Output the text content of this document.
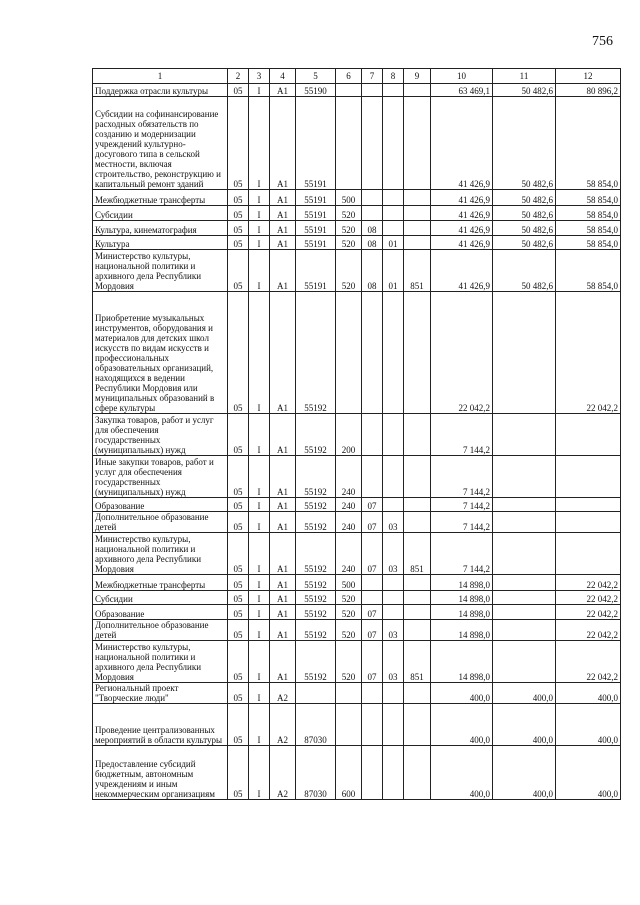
756
1	2	3	4	5	6	7	8	9	10	11	12
Поддержка отрасли культуры	05	I	A1	55190					63 469,1	50 482,6	80 896,2
Субсидии на софинансирование расходных обязательств по созданию и модернизации учреждений культурно-досугового типа в сельской местности, включая строительство, реконструкцию и капитальный ремонт зданий	05	I	A1	55191					41 426,9	50 482,6	58 854,0
Межбюджетные трансферты	05	I	A1	55191	500				41 426,9	50 482,6	58 854,0
Субсидии	05	I	A1	55191	520				41 426,9	50 482,6	58 854,0
Культура, кинематография	05	I	A1	55191	520	08			41 426,9	50 482,6	58 854,0
Культура	05	I	A1	55191	520	08	01		41 426,9	50 482,6	58 854,0
Министерство культуры, национальной политики и архивного дела Республики Мордовия	05	I	A1	55191	520	08	01	851	41 426,9	50 482,6	58 854,0
Приобретение музыкальных инструментов, оборудования и материалов для детских школ искусств по видам искусств и профессиональных образовательных организаций, находящихся в ведении Республики Мордовия или муниципальных образований в сфере культуры	05	I	A1	55192					22 042,2		22 042,2
Закупка товаров, работ и услуг для обеспечения государственных (муниципальных) нужд	05	I	A1	55192	200				7 144,2		
Иные закупки товаров, работ и услуг для обеспечения государственных (муниципальных) нужд	05	I	A1	55192	240				7 144,2		
Образование	05	I	A1	55192	240	07			7 144,2		
Дополнительное образование детей	05	I	A1	55192	240	07	03		7 144,2		
Министерство культуры, национальной политики и архивного дела Республики Мордовия	05	I	A1	55192	240	07	03	851	7 144,2		
Межбюджетные трансферты	05	I	A1	55192	500				14 898,0		22 042,2
Субсидии	05	I	A1	55192	520				14 898,0		22 042,2
Образование	05	I	A1	55192	520	07			14 898,0		22 042,2
Дополнительное образование детей	05	I	A1	55192	520	07	03		14 898,0		22 042,2
Министерство культуры, национальной политики и архивного дела Республики Мордовия	05	I	A1	55192	520	07	03	851	14 898,0		22 042,2
Региональный проект "Творческие люди"	05	I	A2						400,0	400,0	400,0
Проведение централизованных мероприятий в области культуры	05	I	A2	87030					400,0	400,0	400,0
Предоставление субсидий бюджетным, автономным учреждениям и иным некоммерческим организациям	05	I	A2	87030	600				400,0	400,0	400,0
